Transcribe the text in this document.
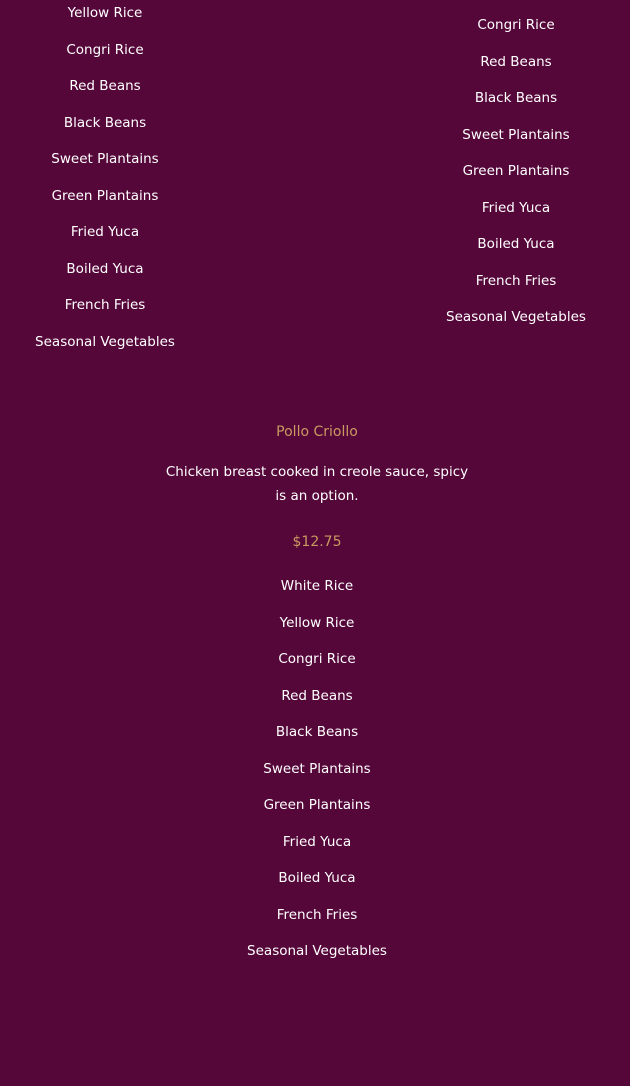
Yellow Rice
Congri Rice
Red Beans
Black Beans
Sweet Plantains
Green Plantains
Fried Yuca
Boiled Yuca
French Fries
Seasonal Vegetables
Congri Rice
Red Beans
Black Beans
Sweet Plantains
Green Plantains
Fried Yuca
Boiled Yuca
French Fries
Seasonal Vegetables
Pollo Criollo
Chicken breast cooked in creole sauce, spicy is an option.
$12.75
White Rice
Yellow Rice
Congri Rice
Red Beans
Black Beans
Sweet Plantains
Green Plantains
Fried Yuca
Boiled Yuca
French Fries
Seasonal Vegetables
